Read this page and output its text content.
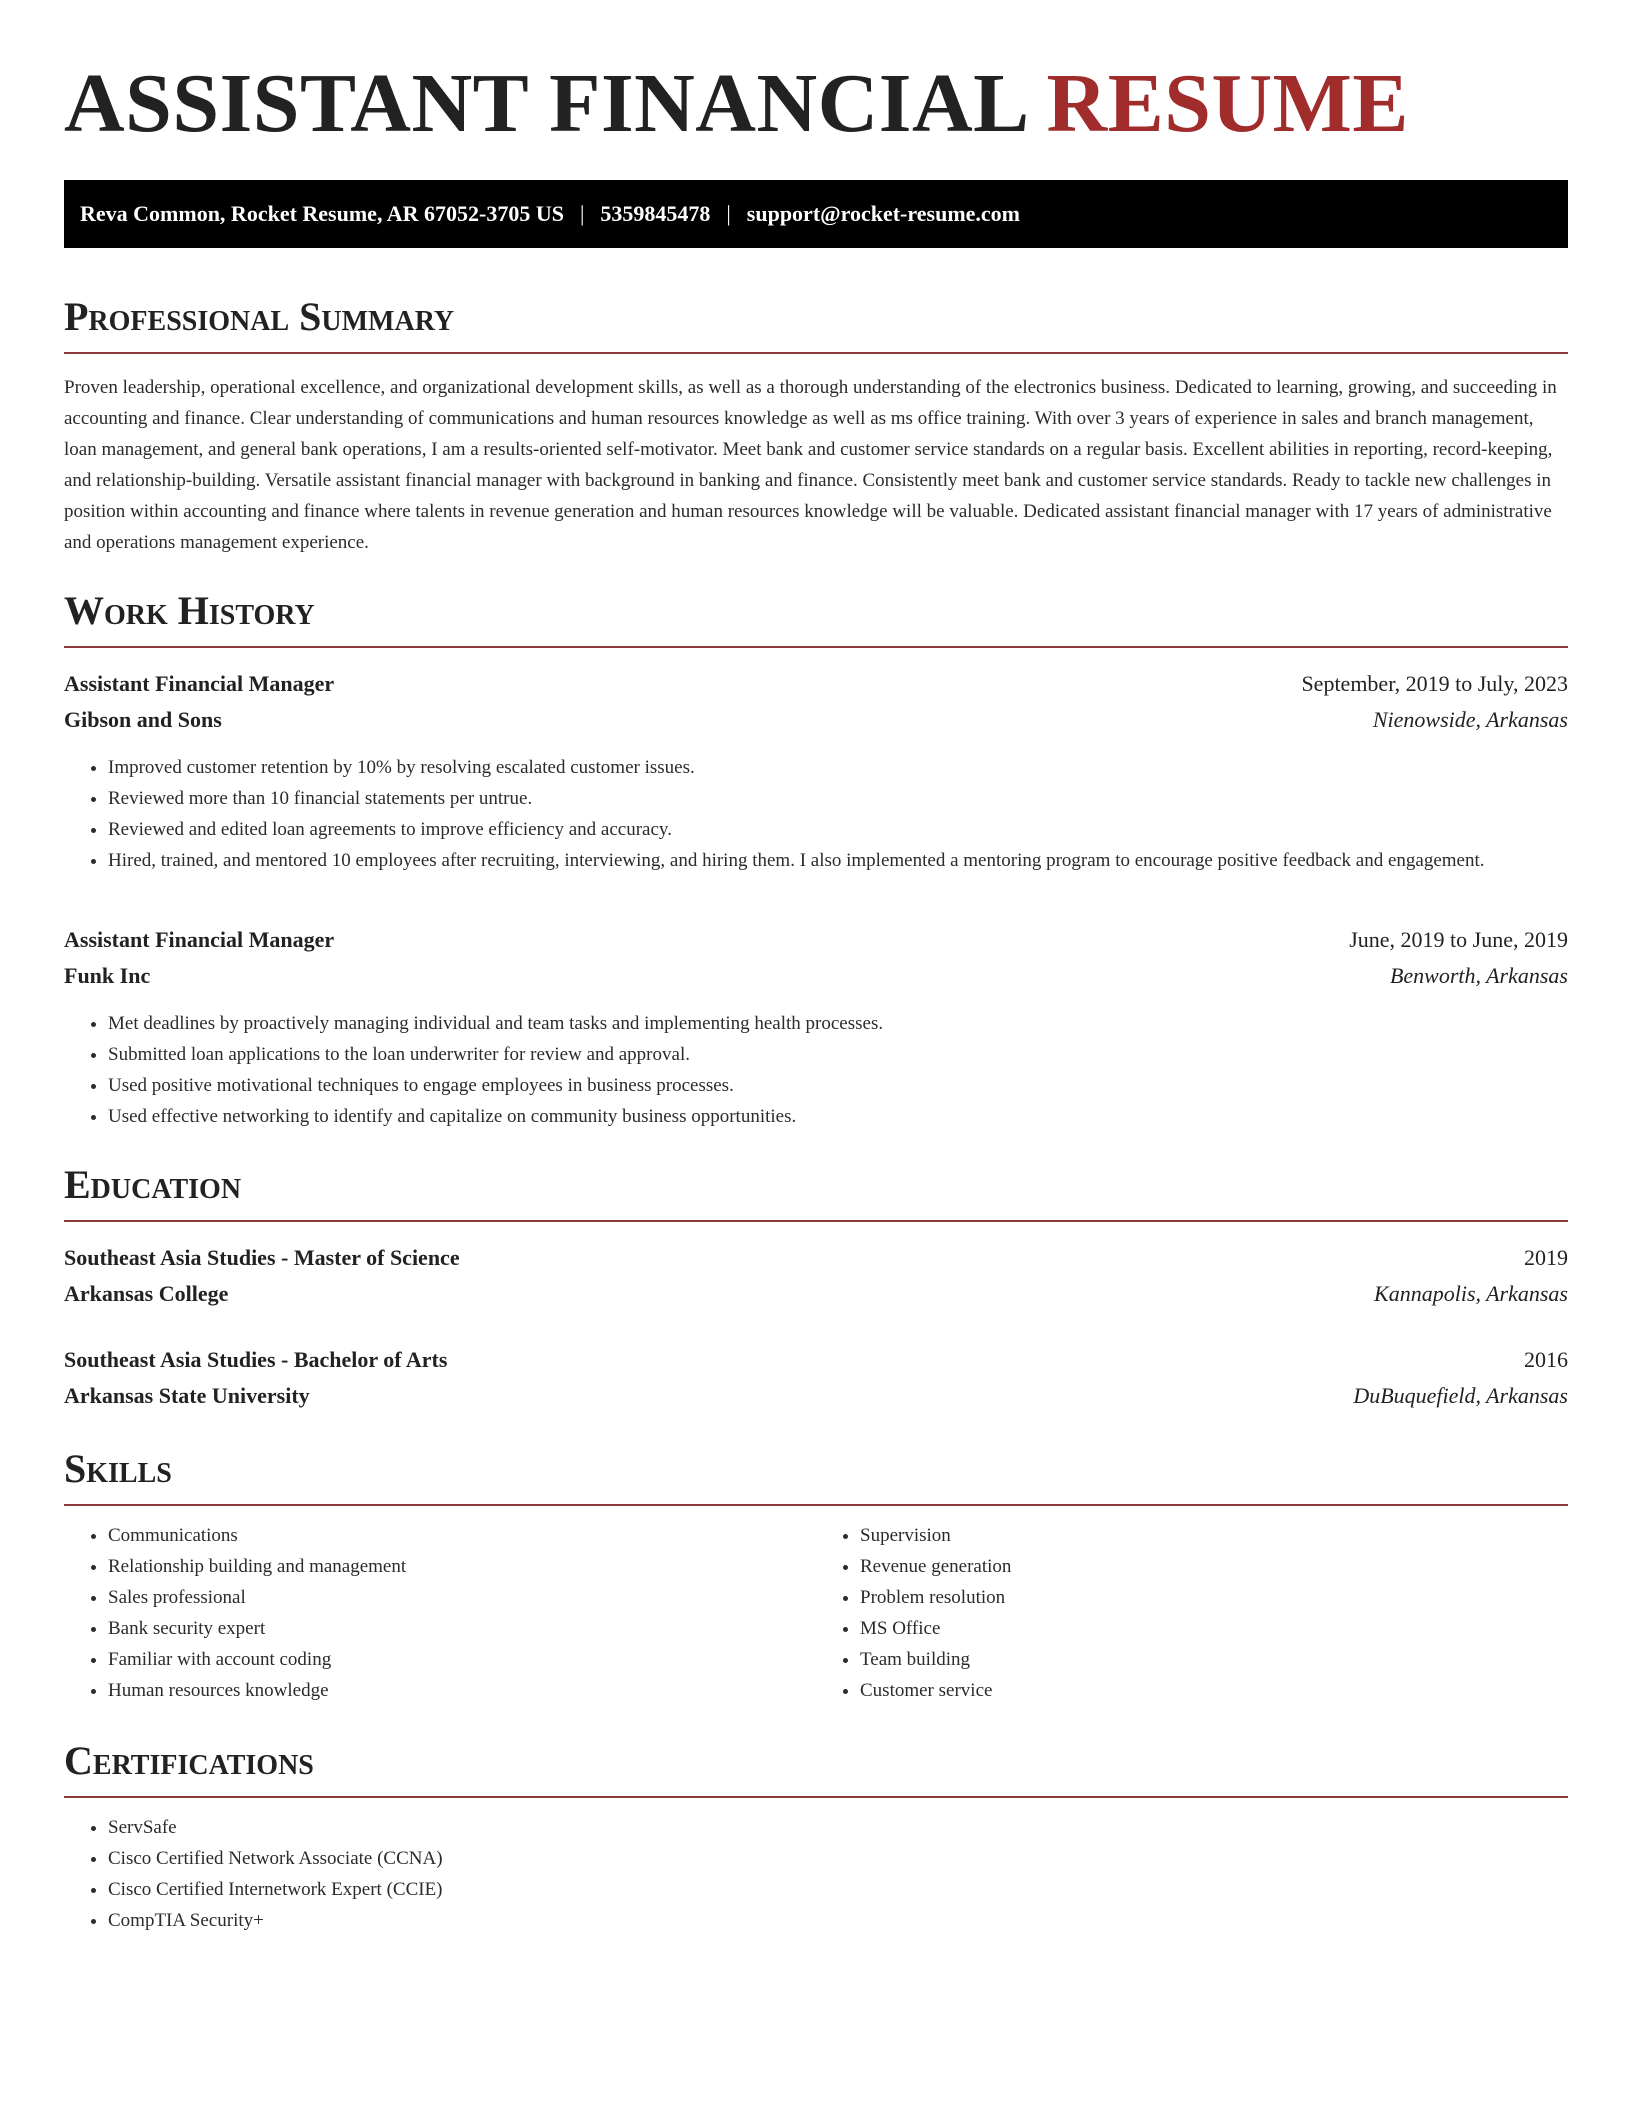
ASSISTANT FINANCIAL RESUME
Reva Common, Rocket Resume, AR 67052-3705 US | 5359845478 | support@rocket-resume.com
Professional Summary

Proven leadership, operational excellence, and organizational development skills, as well as a thorough understanding of the electronics business. Dedicated to learning, growing, and succeeding in accounting and finance. Clear understanding of communications and human resources knowledge as well as ms office training. With over 3 years of experience in sales and branch management, loan management, and general bank operations, I am a results-oriented self-motivator. Meet bank and customer service standards on a regular basis. Excellent abilities in reporting, record-keeping, and relationship-building. Versatile assistant financial manager with background in banking and finance. Consistently meet bank and customer service standards. Ready to tackle new challenges in position within accounting and finance where talents in revenue generation and human resources knowledge will be valuable. Dedicated assistant financial manager with 17 years of administrative and operations management experience.

Work History
Assistant Financial Manager	September, 2019 to July, 2023
Gibson and Sons	Nienowside, Arkansas
• Improved customer retention by 10% by resolving escalated customer issues.
• Reviewed more than 10 financial statements per untrue.
• Reviewed and edited loan agreements to improve efficiency and accuracy.
• Hired, trained, and mentored 10 employees after recruiting, interviewing, and hiring them. I also implemented a mentoring program to encourage positive feedback and engagement.
Assistant Financial Manager	June, 2019 to June, 2019
Funk Inc	Benworth, Arkansas
• Met deadlines by proactively managing individual and team tasks and implementing health processes.
• Submitted loan applications to the loan underwriter for review and approval.
• Used positive motivational techniques to engage employees in business processes.
• Used effective networking to identify and capitalize on community business opportunities.
Education
Southeast Asia Studies - Master of Science	2019
Arkansas College	Kannapolis, Arkansas
Southeast Asia Studies - Bachelor of Arts	2016
Arkansas State University	DuBuquefield, Arkansas
Skills
• Communications
• Relationship building and management
• Sales professional
• Bank security expert
• Familiar with account coding
• Human resources knowledge
• Supervision
• Revenue generation
• Problem resolution
• MS Office
• Team building
• Customer service
Certifications
• ServSafe
• Cisco Certified Network Associate (CCNA)
• Cisco Certified Internetwork Expert (CCIE)
• CompTIA Security+
